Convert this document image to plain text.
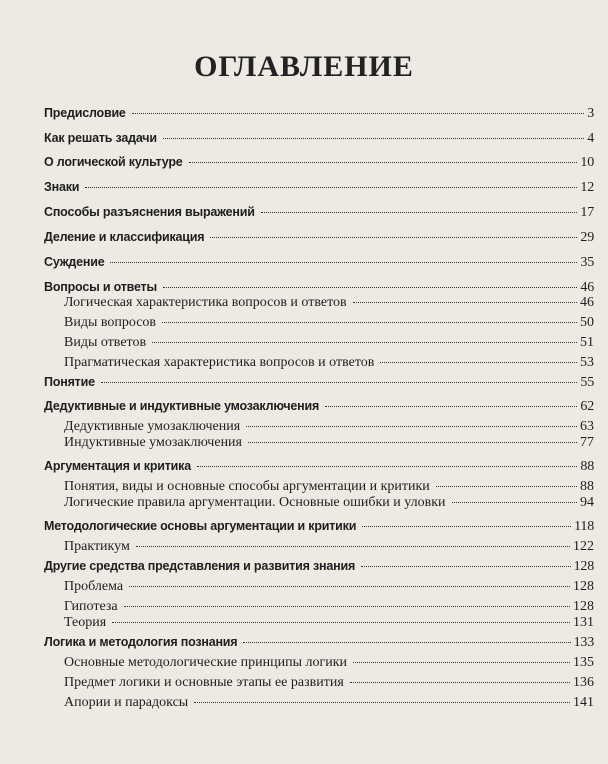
ОГЛАВЛЕНИЕ
Предисловие	3
Как решать задачи	4
О логической культуре	10
Знаки	12
Способы разъяснения выражений	17
Деление и классификация	29
Суждение	35
Вопросы и ответы	46
Логическая характеристика вопросов и ответов	46
Виды вопросов	50
Виды ответов	51
Прагматическая характеристика вопросов и ответов	53
Понятие	55
Дедуктивные и индуктивные умозаключения	62
Дедуктивные умозаключения	63
Индуктивные умозаключения	77
Аргументация и критика	88
Понятия, виды и основные способы аргументации и критики	88
Логические правила аргументации. Основные ошибки и уловки	94
Методологические основы аргументации и критики	118
Практикум	122
Другие средства представления и развития знания	128
Проблема	128
Гипотеза	128
Теория	131
Логика и методология познания	133
Основные методологические принципы логики	135
Предмет логики и основные этапы ее развития	136
Апории и парадоксы	141
